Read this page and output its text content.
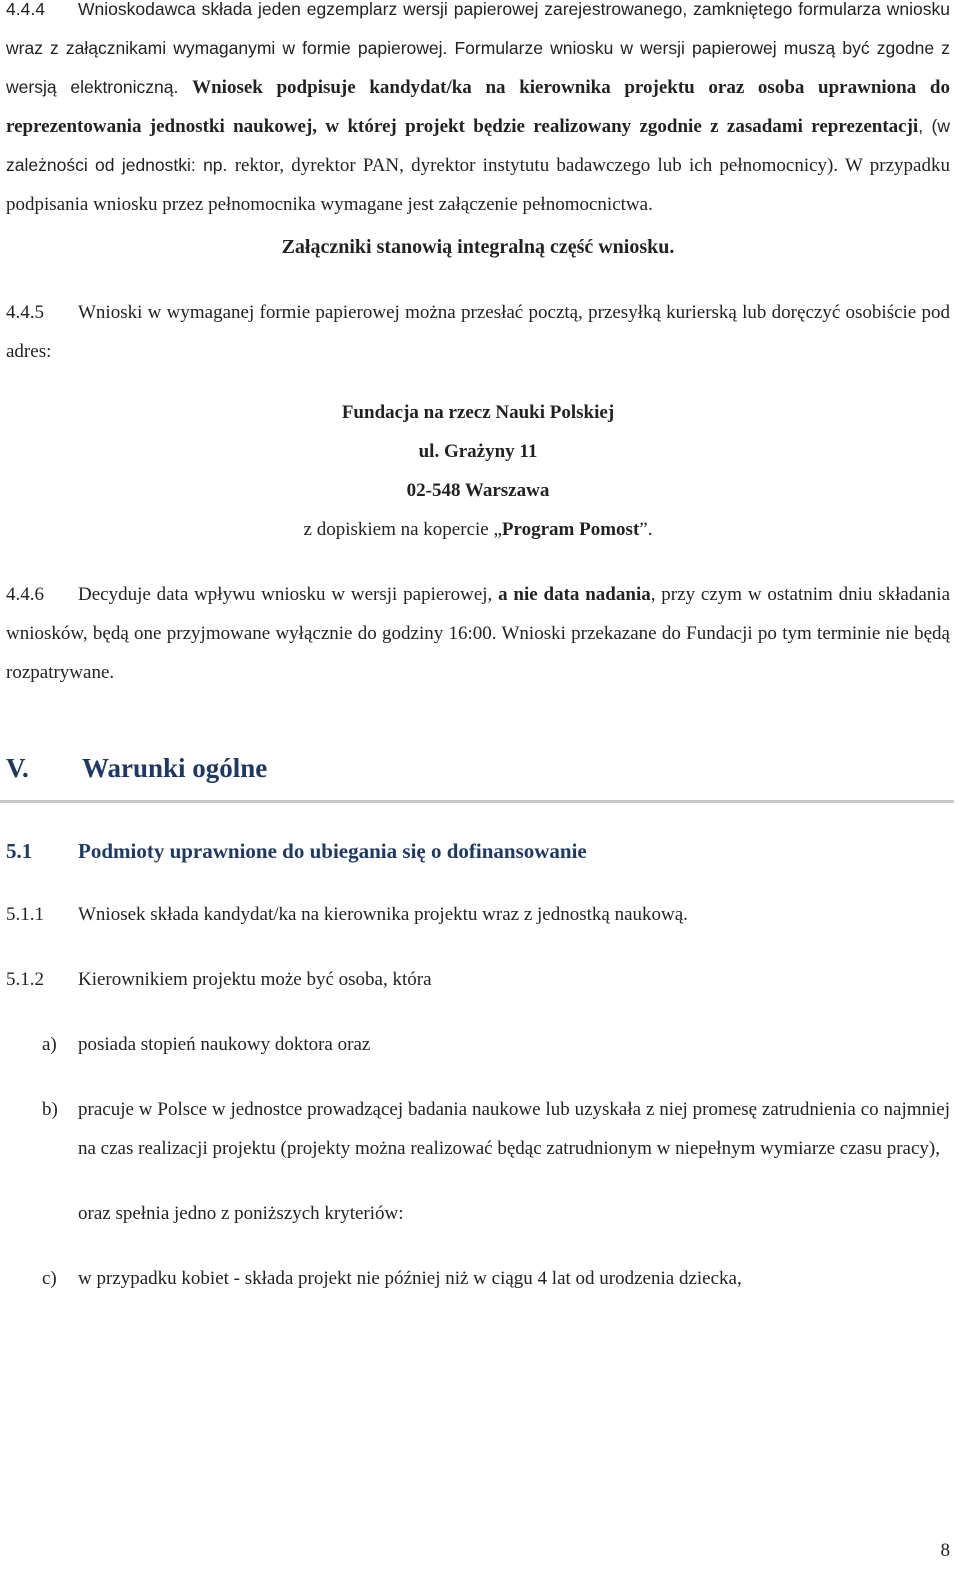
4.4.4 Wnioskodawca składa jeden egzemplarz wersji papierowej zarejestrowanego, zamkniętego formularza wniosku wraz z załącznikami wymaganymi w formie papierowej. Formularze wniosku w wersji papierowej muszą być zgodne z wersją elektroniczną. Wniosek podpisuje kandydat/ka na kierownika projektu oraz osoba uprawniona do reprezentowania jednostki naukowej, w której projekt będzie realizowany zgodnie z zasadami reprezentacji, (w zależności od jednostki: np. rektor, dyrektor PAN, dyrektor instytutu badawczego lub ich pełnomocnicy). W przypadku podpisania wniosku przez pełnomocnika wymagane jest załączenie pełnomocnictwa.

Załączniki stanowią integralną część wniosku.

4.4.5 Wnioski w wymaganej formie papierowej można przesłać pocztą, przesyłką kurierską lub doręczyć osobiście pod adres:

Fundacja na rzecz Nauki Polskiej

ul. Grażyny 11

02-548 Warszawa

z dopiskiem na kopercie „Program Pomost”.

4.4.6 Decyduje data wpływu wniosku w wersji papierowej, a nie data nadania, przy czym w ostatnim dniu składania wniosków, będą one przyjmowane wyłącznie do godziny 16:00. Wnioski przekazane do Fundacji po tym terminie nie będą rozpatrywane.

V. Warunki ogólne
5.1 Podmioty uprawnione do ubiegania się o dofinansowanie

5.1.1 Wniosek składa kandydat/ka na kierownika projektu wraz z jednostką naukową.

5.1.2 Kierownikiem projektu może być osoba, która

a)	posiada stopień naukowy doktora oraz
b)	pracuje w Polsce w jednostce prowadzącej badania naukowe lub uzyskała z niej promesę zatrudnienia co najmniej na czas realizacji projektu (projekty można realizować będąc zatrudnionym w niepełnym wymiarze czasu pracy),

oraz spełnia jedno z poniższych kryteriów:

c)	w przypadku kobiet - składa projekt nie później niż w ciągu 4 lat od urodzenia dziecka,
8
